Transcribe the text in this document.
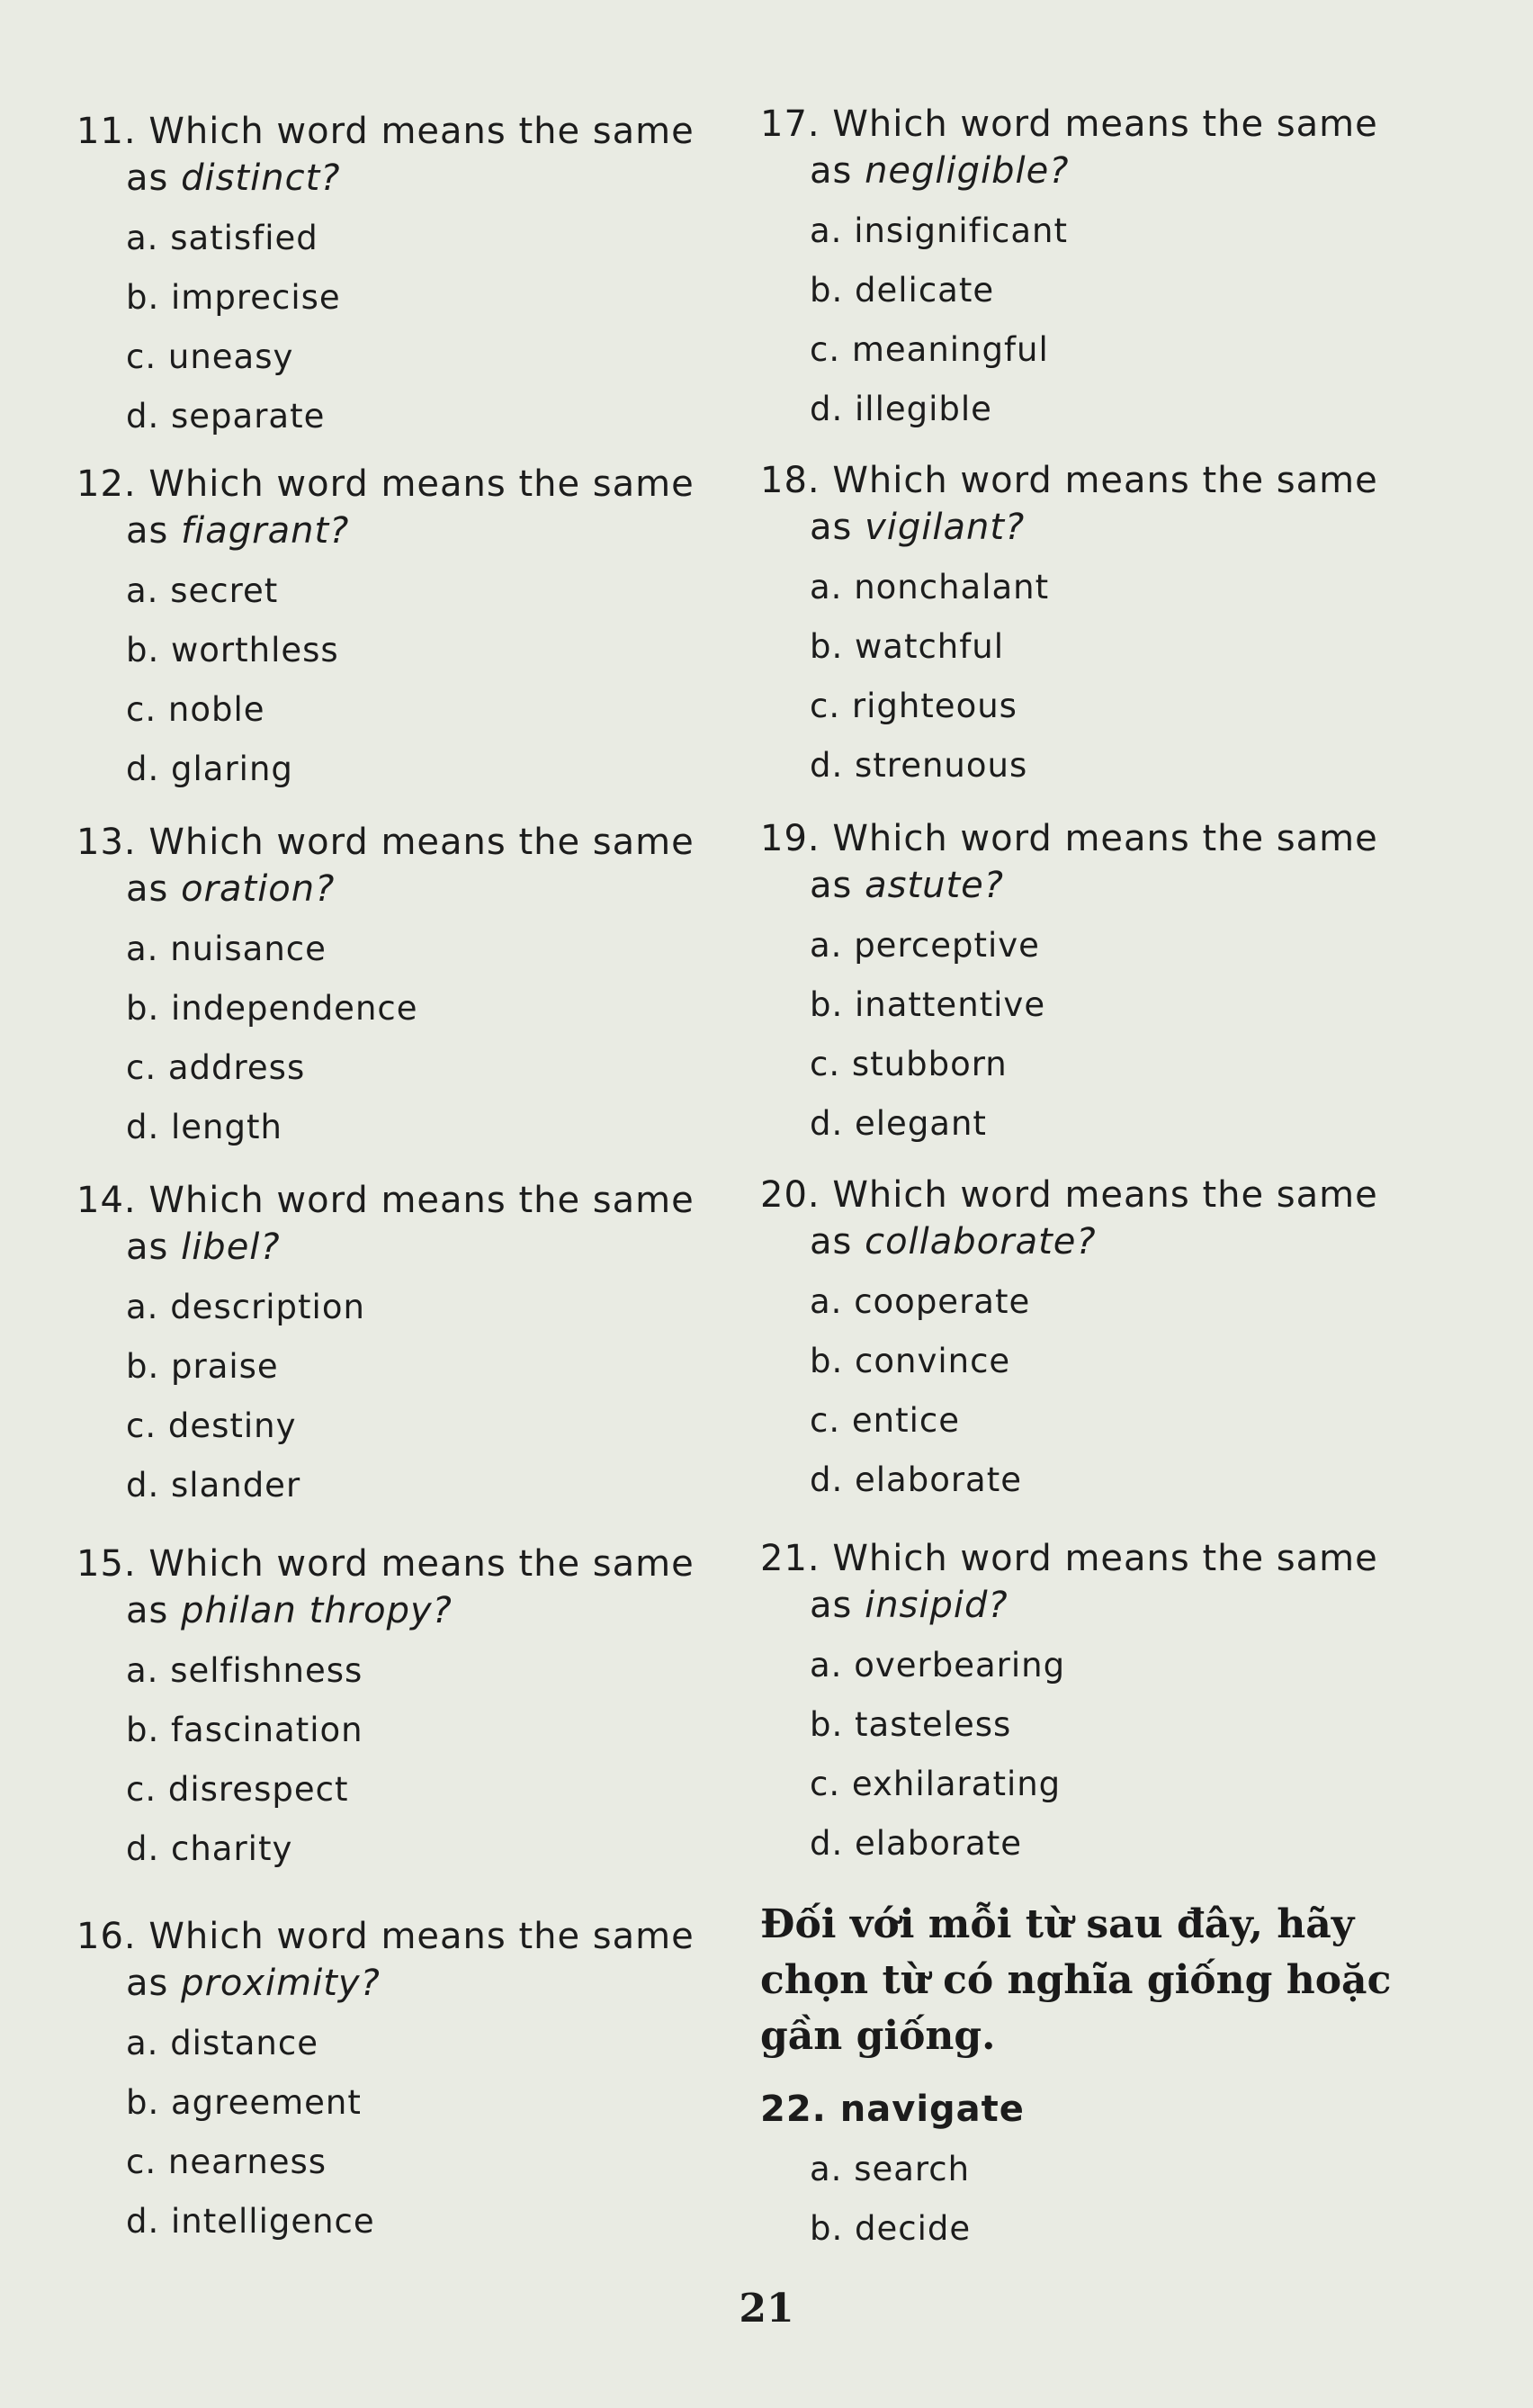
11. Which word means the same
as distinct?
a. satisfied
b. imprecise
c. uneasy
d. separate
12. Which word means the same
as fiagrant?
a. secret
b. worthless
c. noble
d. glaring
13. Which word means the same
as oration?
a. nuisance
b. independence
c. address
d. length
14. Which word means the same
as libel?
a. description
b. praise
c. destiny
d. slander
15. Which word means the same
as philan thropy?
a. selfishness
b. fascination
c. disrespect
d. charity
16. Which word means the same
as proximity?
a. distance
b. agreement
c. nearness
d. intelligence
17. Which word means the same
as negligible?
a. insignificant
b. delicate
c. meaningful
d. illegible
18. Which word means the same
as vigilant?
a. nonchalant
b. watchful
c. righteous
d. strenuous
19. Which word means the same
as astute?
a. perceptive
b. inattentive
c. stubborn
d. elegant
20. Which word means the same
as collaborate?
a. cooperate
b. convince
c. entice
d. elaborate
21. Which word means the same
as insipid?
a. overbearing
b. tasteless
c. exhilarating
d. elaborate
Đối với mỗi từ sau đây, hãy chọn từ có nghĩa giống hoặc gần giống.
22. navigate
a. search
b. decide
21
